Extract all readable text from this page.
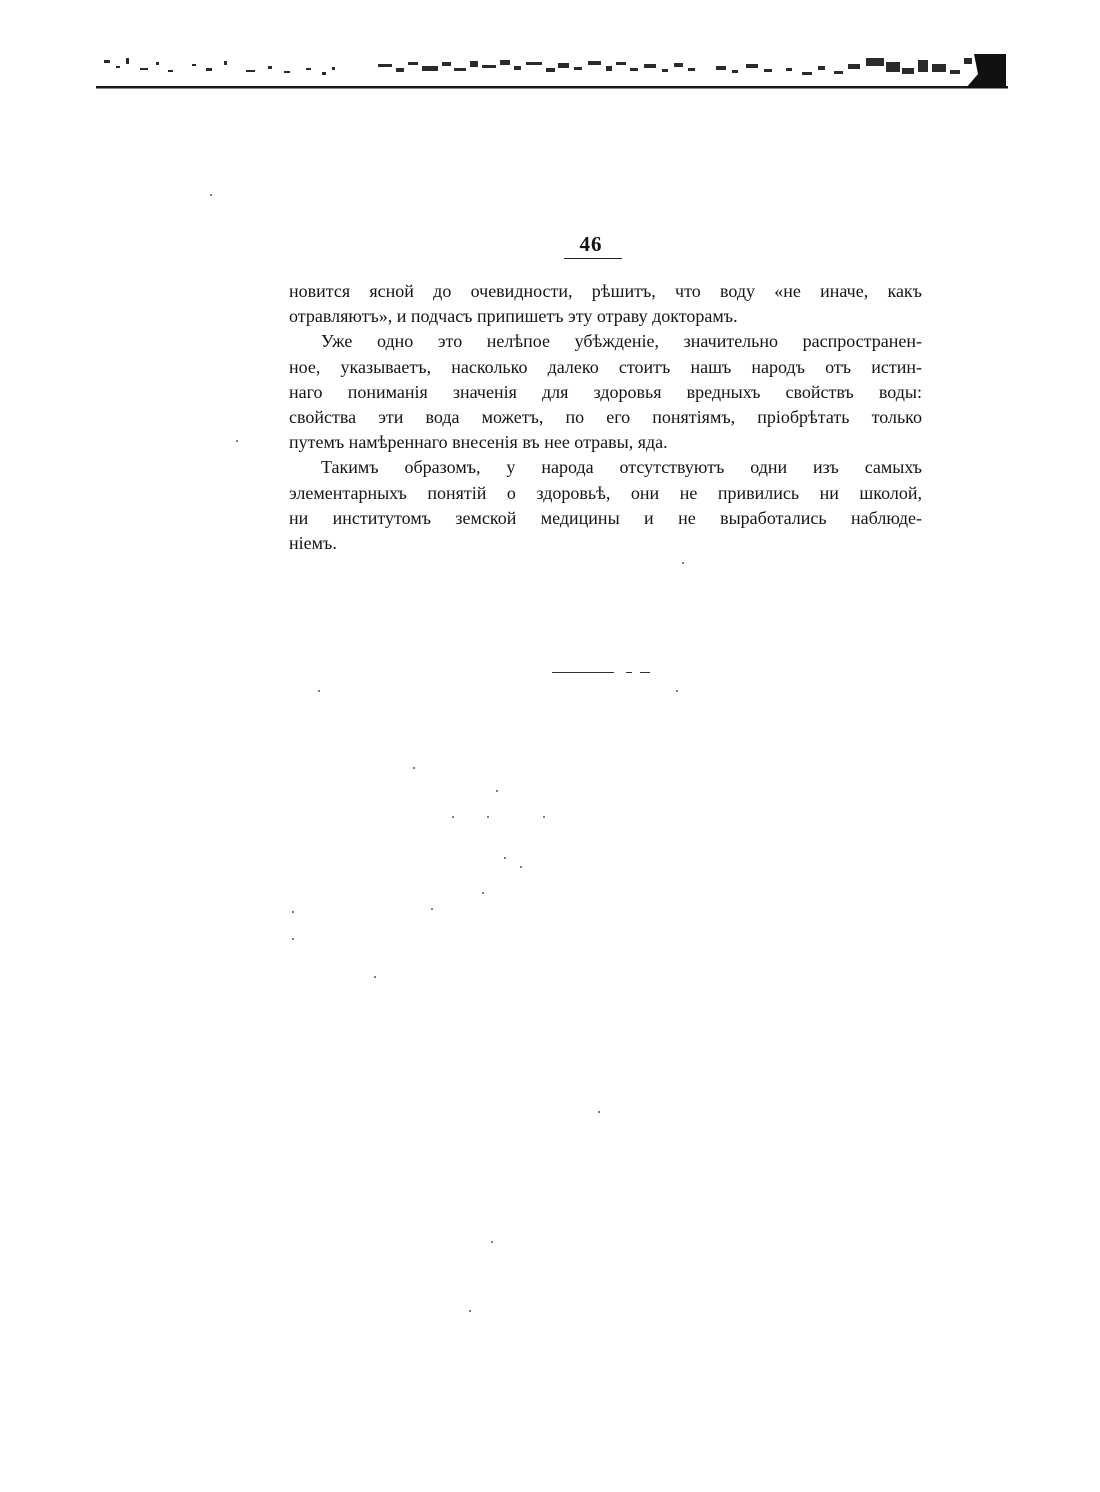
46
новится ясной до очевидности, рѣшитъ, что воду «не иначе, какъ
отравляютъ», и подчасъ припишетъ эту отраву докторамъ.
Уже одно это нелѣпое убѣжденіе, значительно распространен-
ное, указываетъ, насколько далеко стоитъ нашъ народъ отъ истин-
наго пониманія значенія для здоровья вредныхъ свойствъ воды:
свойства эти вода можетъ, по его понятіямъ, пріобрѣтать только
путемъ намѣреннаго внесенія въ нее отравы, яда.
Такимъ образомъ, у народа отсутствуютъ одни изъ самыхъ
элементарныхъ понятій о здоровьѣ, они не привились ни школой,
ни институтомъ земской медицины и не выработались наблюде-
ніемъ.
